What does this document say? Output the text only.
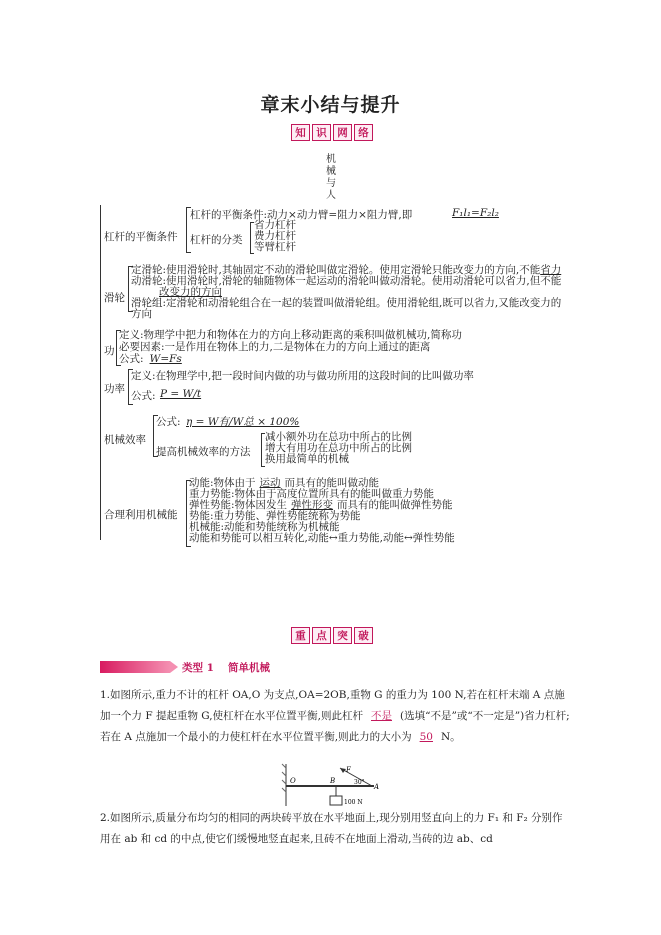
章末小结与提升
知	识	网	络
机
械
与
人
杠杆的平衡条件
杠杆的平衡条件:动力×动力臂=阻力×阻力臂,即	F₁l₁=F₂l₂
杠杆的分类
省力杠杆
费力杠杆
等臂杠杆
滑轮
定滑轮:使用滑轮时,其轴固定不动的滑轮叫做定滑轮。使用定滑轮只能改变力的方向,不能省力
动滑轮:使用滑轮时,滑轮的轴随物体一起运动的滑轮叫做动滑轮。使用动滑轮可以省力,但不能
改变力的方向
滑轮组:定滑轮和动滑轮组合在一起的装置叫做滑轮组。使用滑轮组,既可以省力,又能改变力的
方向
功
定义:物理学中把力和物体在力的方向上移动距离的乘积叫做机械功,简称功
必要因素:一是作用在物体上的力,二是物体在力的方向上通过的距离
公式: W=Fs
功率
定义:在物理学中,把一段时间内做的功与做功所用的这段时间的比叫做功率
公式: P = W/t
机械效率
公式: η = W有/W总 × 100%
提高机械效率的方法
减小额外功在总功中所占的比例
增大有用功在总功中所占的比例
换用最简单的机械
合理利用机械能
动能:物体由于 运动 而具有的能叫做动能
重力势能:物体由于高度位置所具有的能叫做重力势能
弹性势能:物体因发生 弹性形变 而具有的能叫做弹性势能
势能:重力势能、弹性势能统称为势能
机械能:动能和势能统称为机械能
动能和势能可以相互转化,动能↔重力势能,动能↔弹性势能
重	点	突	破
类型 1 简单机械
1.如图所示,重力不计的杠杆 OA,O 为支点,OA=2OB,重物 G 的重力为 100 N,若在杠杆末端 A 点施加一个力 F 提起重物 G,使杠杆在水平位置平衡,则此杠杆 不是 (选填“不是”或“不一定是”)省力杠杆;若在 A 点施加一个最小的力使杠杆在水平位置平衡,则此力的大小为 50 N。
O	B
A
F
30°
100 N
2.如图所示,质量分布均匀的相同的两块砖平放在水平地面上,现分别用竖直向上的力 F₁ 和 F₂ 分别作用在 ab 和 cd 的中点,使它们缓慢地竖直起来,且砖不在地面上滑动,当砖的边 ab、cd
